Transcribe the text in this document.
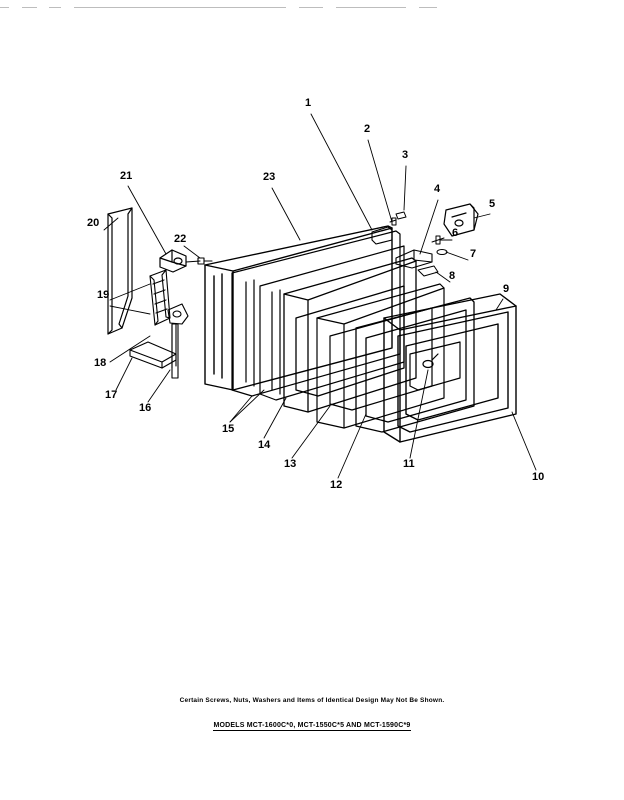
1
2
3
4
5
6
7
8
9
10
11
12
13
14
15
16
17
18
19
20
21
22
23
Certain Screws, Nuts, Washers and Items of Identical Design May Not Be Shown.
MODELS MCT-1600C*0, MCT-1550C*5 AND MCT-1590C*9
